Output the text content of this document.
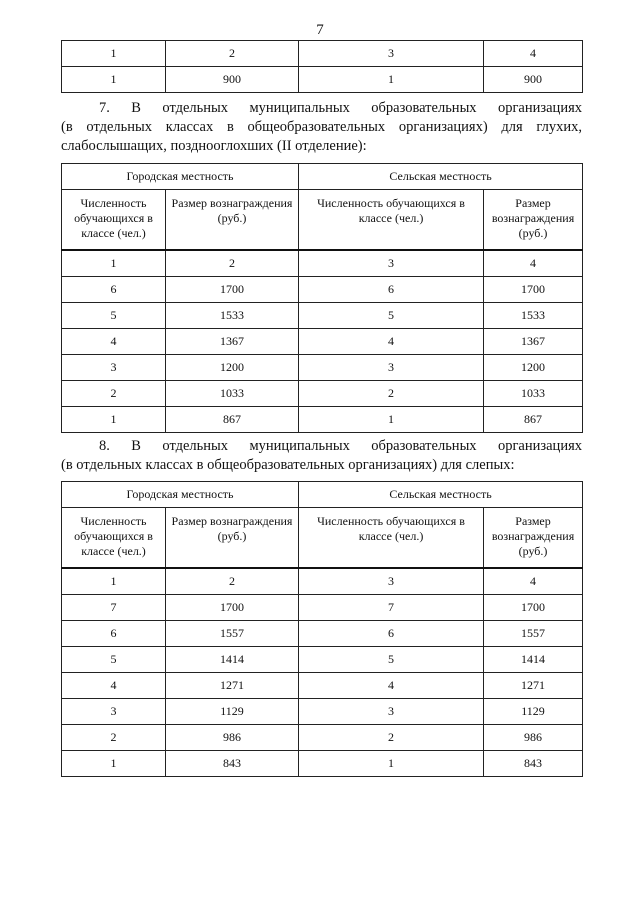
7
1	2	3	4
1	900	1	900
7. В отдельных муниципальных образовательных организациях
(в отдельных классах в общеобразовательных организациях) для глухих,
слабослышащих, позднооглохших (II отделение):
Городская местность		Сельская местность	
Численность обучающихся в классе (чел.)	Размер вознаграждения (руб.)	Численность обучающихся в классе (чел.)	Размер вознаграждения (руб.)
1	2	3	4
6	1700	6	1700
5	1533	5	1533
4	1367	4	1367
3	1200	3	1200
2	1033	2	1033
1	867	1	867
8. В отдельных муниципальных образовательных организациях
(в отдельных классах в общеобразовательных организациях) для слепых:
Городская местность		Сельская местность	
Численность обучающихся в классе (чел.)	Размер вознаграждения (руб.)	Численность обучающихся в классе (чел.)	Размер вознаграждения (руб.)
1	2	3	4
7	1700	7	1700
6	1557	6	1557
5	1414	5	1414
4	1271	4	1271
3	1129	3	1129
2	986	2	986
1	843	1	843
